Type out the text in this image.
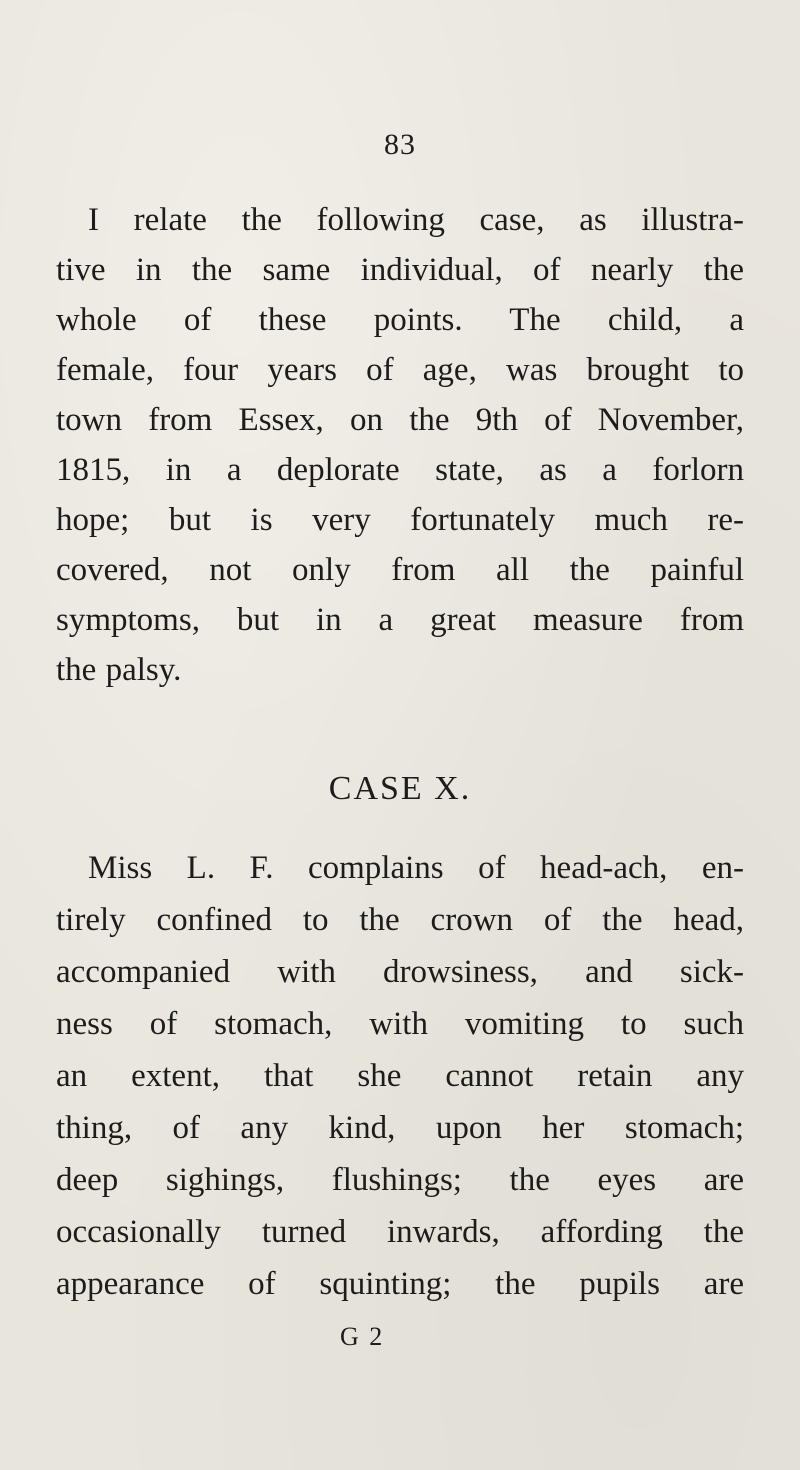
83
I relate the following case, as illustra-
tive in the same individual, of nearly the
whole of these points. The child, a
female, four years of age, was brought to
town from Essex, on the 9th of November,
1815, in a deplorate state, as a forlorn
hope; but is very fortunately much re-
covered, not only from all the painful
symptoms, but in a great measure from
the palsy.
CASE X.
Miss L. F. complains of head-ach, en-
tirely confined to the crown of the head,
accompanied with drowsiness, and sick-
ness of stomach, with vomiting to such
an extent, that she cannot retain any
thing, of any kind, upon her stomach;
deep sighings, flushings; the eyes are
occasionally turned inwards, affording the
appearance of squinting; the pupils are
G 2
